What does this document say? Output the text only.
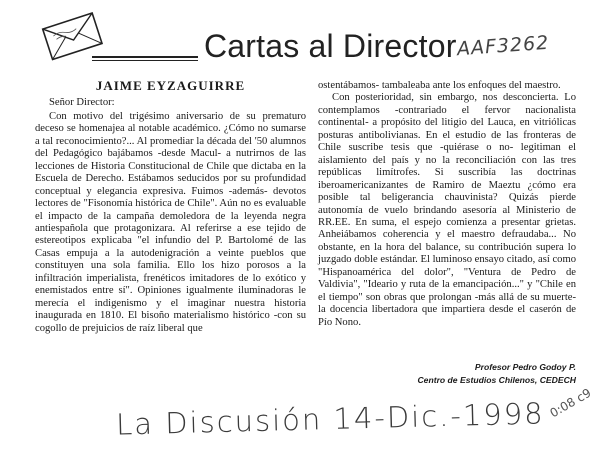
Cartas al Director AAF3262

JAIME EYZAGUIRRE

Señor Director:

Con motivo del trigésimo aniversario de su prematuro deceso se homenajea al notable académico. ¿Cómo no sumarse a tal reconocimiento?... Al promediar la década del '50 alumnos del Pedagógico bajábamos -desde Macul- a nutrirnos de las lecciones de Historia Constitucional de Chile que dictaba en la Escuela de Derecho. Estábamos seducidos por su profundidad conceptual y elegancia expresiva. Fuimos -además- devotos lectores de "Fisonomía histórica de Chile". Aún no es evaluable el impacto de la campaña demoledora de la leyenda negra antiespañola que protagonizara. Al referirse a ese tejido de estereotipos explicaba "el infundio del P. Bartolomé de las Casas empuja a la autodenigración a veinte pueblos que constituyen una sola familia. Ello los hizo porosos a la infiltración imperialista, frenéticos imitadores de lo exótico y enemistados entre sí". Opiniones igualmente iluminadoras le merecía el indigenismo y el imaginar nuestra historia inaugurada en 1810. El bisoño materialismo histórico -con su cogollo de prejuicios de raíz liberal que

ostentábamos- tambaleaba ante los enfoques del maestro.

Con posterioridad, sin embargo, nos desconcierta. Lo contemplamos -contrariado el fervor nacionalista continental- a propósito del litigio del Lauca, en vitriólicas posturas antibolivianas. En el estudio de las fronteras de Chile suscribe tesis que -quiérase o no- legitiman el aislamiento del país y no la reconciliación con las tres repúblicas limítrofes. Si suscribía las doctrinas iberoamericanizantes de Ramiro de Maeztu ¿cómo era posible tal beligerancia chauvinista? Quizás pierde autonomía de vuelo brindando asesoría al Ministerio de RR.EE. En suma, el espejo comienza a presentar grietas. Anheiábamos coherencia y el maestro defraudaba... No obstante, en la hora del balance, su contribución supera lo juzgado doble estándar. El luminoso ensayo citado, así como "Hispanoamérica del dolor", "Ventura de Pedro de Valdivia", "Ideario y ruta de la emancipación..." y "Chile en el tiempo" son obras que prolongan -más allá de su muerte- la docencia libertadora que impartiera desde el caserón de Pío Nono.

Profesor Pedro Godoy P.
Centro de Estudios Chilenos, CEDECH
La Discusión 14-Dic.-1998 0:08 c9
